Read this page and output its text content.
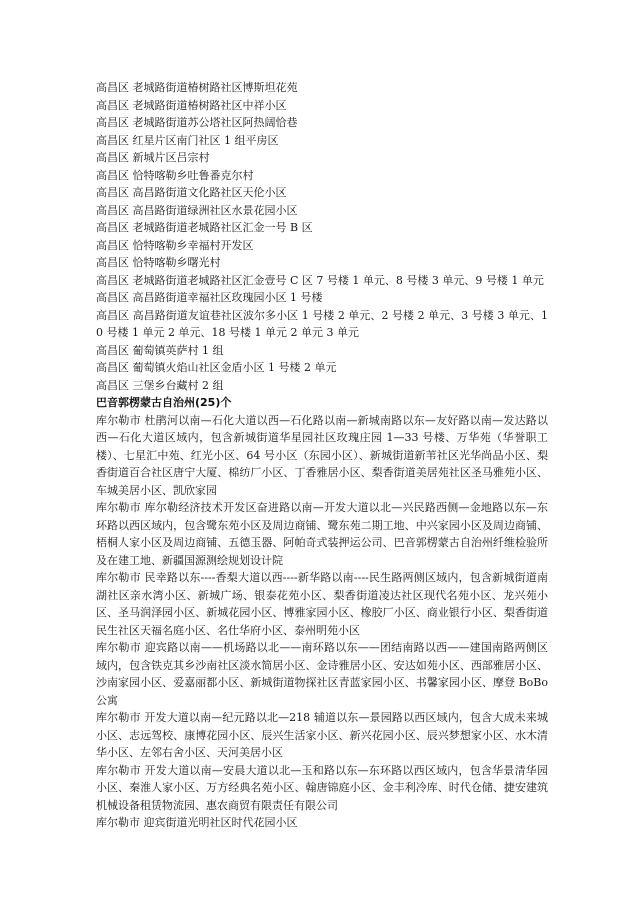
高昌区 老城路街道椿树路社区博斯坦花苑

高昌区 老城路街道椿树路社区中祥小区

高昌区 老城路街道苏公塔社区阿热阔恰巷

高昌区 红星片区南门社区 1 组平房区

高昌区 新城片区吕宗村

高昌区 恰特喀勒乡吐鲁番克尔村

高昌区 高昌路街道文化路社区天伦小区

高昌区 高昌路街道绿洲社区水景花园小区

高昌区 老城路街道老城路社区汇金一号 B 区

高昌区 恰特喀勒乡幸福村开发区

高昌区 恰特喀勒乡曙光村

高昌区 老城路街道老城路社区汇金壹号 C 区 7 号楼 1 单元、8 号楼 3 单元、9 号楼 1 单元

高昌区 高昌路街道幸福社区玫瑰园小区 1 号楼

高昌区 高昌路街道友谊巷社区波尔多小区 1 号楼 2 单元、2 号楼 2 单元、3 号楼 3 单元、10 号楼 1 单元 2 单元、18 号楼 1 单元 2 单元 3 单元

高昌区 葡萄镇英萨村 1 组

高昌区 葡萄镇火焰山社区金盾小区 1 号楼 2 单元

高昌区 三堡乡台藏村 2 组

巴音郭楞蒙古自治州(25)个

库尔勒市 杜鹃河以南—石化大道以西—石化路以南—新城南路以东—友好路以南—发达路以西—石化大道区域内，包含新城街道华星园社区玫瑰庄园 1—33 号楼、万华苑（华誉职工楼）、七星汇中苑、红光小区、64 号小区（东园小区）、新城街道新苇社区光华尚品小区、梨香街道百合社区唐宁大厦、棉纺厂小区、丁香雅居小区、梨香街道美居苑社区圣马雅苑小区、车城美居小区、凯欣家园

库尔勒市 库尔勒经济技术开发区奋进路以南—开发大道以北—兴民路西侧—金地路以东—东环路以西区域内，包含鹭东苑小区及周边商铺、鹭东苑二期工地、中兴家园小区及周边商铺、梧桐人家小区及周边商铺、五德玉器、阿帕奇式装押运公司、巴音郭楞蒙古自治州纤维检验所及在建工地、新疆国源测绘规划设计院

库尔勒市 民幸路以东----香梨大道以西----新华路以南----民生路两侧区域内，包含新城街道南湖社区亲水湾小区、新城广场、银泰花苑小区、梨香街道凌达社区现代名苑小区、龙兴苑小区、圣马润泽园小区、新城花园小区、博雅家园小区、橡胶厂小区、商业银行小区、梨香街道民生社区天福名庭小区、名仕华府小区、泰州明苑小区

库尔勒市 迎宾路以南——机场路以北——南环路以东——团结南路以西——建国南路两侧区域内，包含铁克其乡沙南社区淡水简居小区、金诗雅居小区、安达如苑小区、西部雅居小区、沙南家园小区、爱嘉丽都小区、新城街道物探社区青蓝家园小区、书馨家园小区、摩登 BoBo 公寓

库尔勒市 开发大道以南—纪元路以北—218 辅道以东—景园路以西区域内，包含大成未来城小区、志远驾校、康博花园小区、辰兴生活家小区、新兴花园小区、辰兴梦想家小区、水木清华小区、左邻右舍小区、天河美居小区

库尔勒市 开发大道以南—安晨大道以北—玉和路以东—东环路以西区域内，包含华景清华园小区、秦淮人家小区、万方经典名苑小区、翰唐锦庭小区、金丰利冷库、时代仓储、捷安建筑机械设备租赁物流园、惠农商贸有限责任有限公司

库尔勒市 迎宾街道光明社区时代花园小区
